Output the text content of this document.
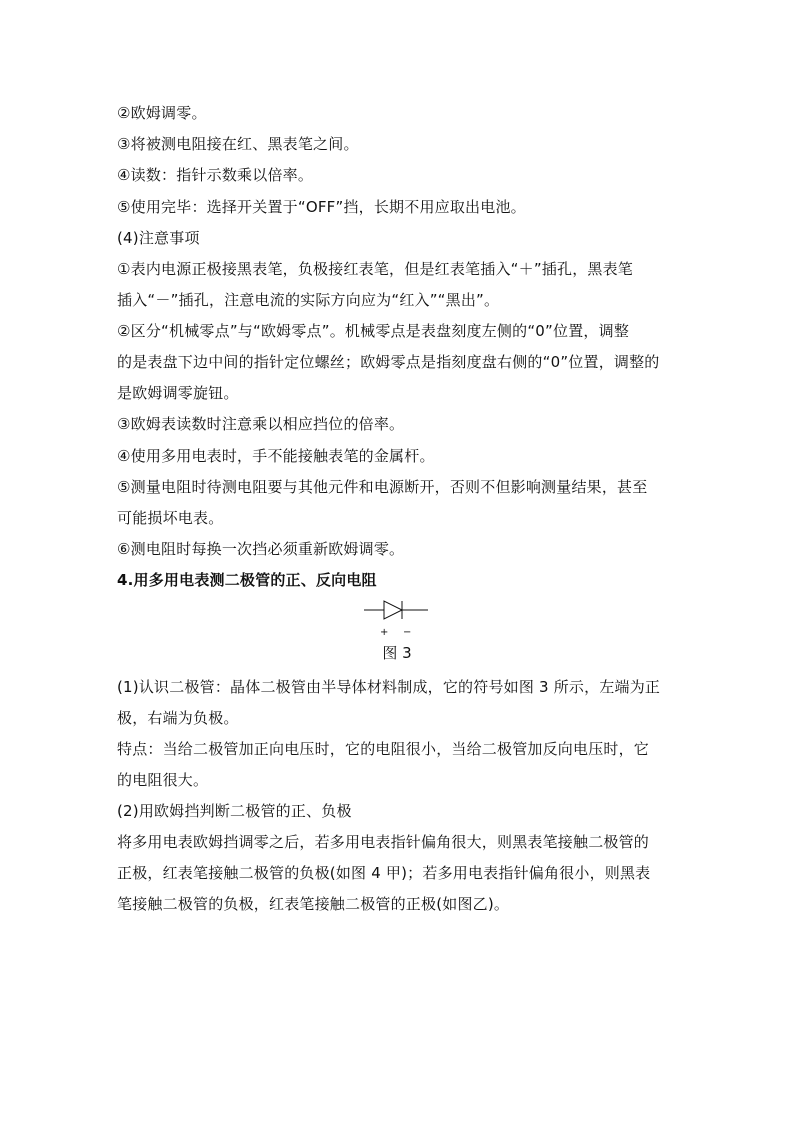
②欧姆调零。
③将被测电阻接在红、黑表笔之间。
④读数：指针示数乘以倍率。
⑤使用完毕：选择开关置于“OFF”挡，长期不用应取出电池。
(4)注意事项
①表内电源正极接黑表笔，负极接红表笔，但是红表笔插入“＋”插孔，黑表笔
插入“－”插孔，注意电流的实际方向应为“红入”“黑出”。
②区分“机械零点”与“欧姆零点”。机械零点是表盘刻度左侧的“0”位置，调整
的是表盘下边中间的指针定位螺丝；欧姆零点是指刻度盘右侧的“0”位置，调整的
是欧姆调零旋钮。
③欧姆表读数时注意乘以相应挡位的倍率。
④使用多用电表时，手不能接触表笔的金属杆。
⑤测量电阻时待测电阻要与其他元件和电源断开，否则不但影响测量结果，甚至
可能损坏电表。
⑥测电阻时每换一次挡必须重新欧姆调零。
4.用多用电表测二极管的正、反向电阻
+ −
图 3
(1)认识二极管：晶体二极管由半导体材料制成，它的符号如图 3 所示，左端为正
极，右端为负极。
特点：当给二极管加正向电压时，它的电阻很小，当给二极管加反向电压时，它
的电阻很大。
(2)用欧姆挡判断二极管的正、负极
将多用电表欧姆挡调零之后，若多用电表指针偏角很大，则黑表笔接触二极管的
正极，红表笔接触二极管的负极(如图 4 甲)；若多用电表指针偏角很小，则黑表
笔接触二极管的负极，红表笔接触二极管的正极(如图乙)。
